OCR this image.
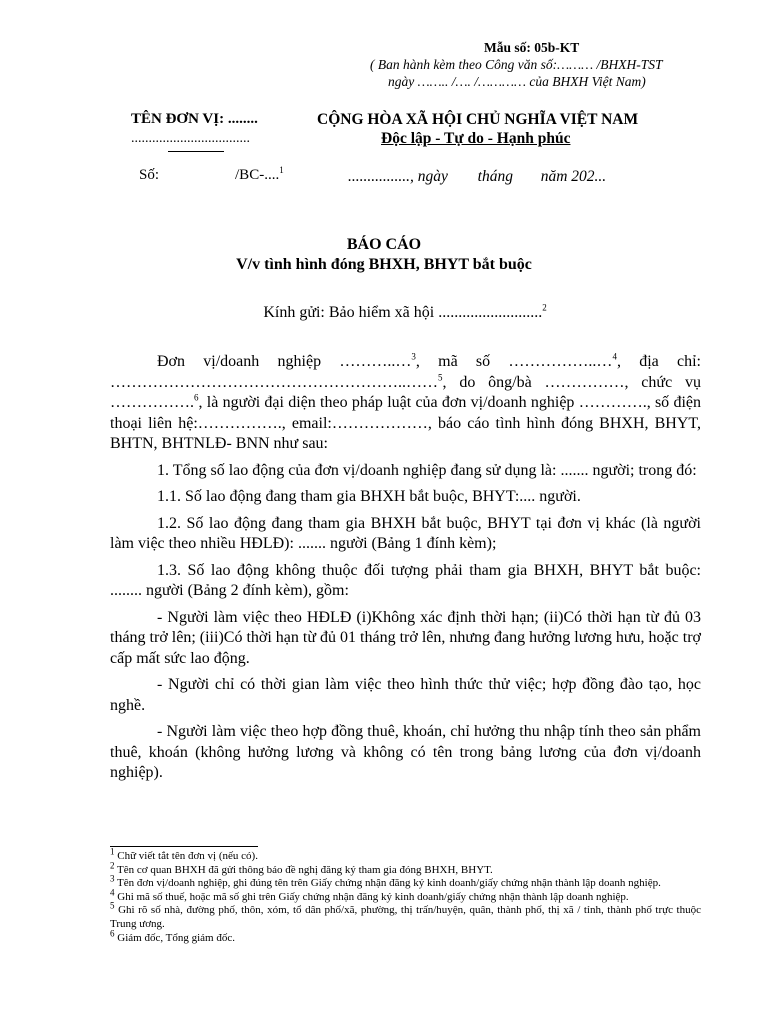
Mẫu số: 05b-KT
( Ban hành kèm theo Công văn số:……… /BHXH-TST
ngày …….. /…. /………… của BHXH Việt Nam)
TÊN ĐƠN VỊ: ........
..................................
CỘNG HÒA XÃ HỘI CHỦ NGHĨA VIỆT NAM
Độc lập - Tự do - Hạnh phúc
Số:	/BC-....$^1$	................, ngày tháng năm 202...
BÁO CÁO
V/v tình hình đóng BHXH, BHYT bắt buộc
Kính gửi: Bảo hiểm xã hội ..........................$^2$

Đơn vị/doanh nghiệp ………..…$^3$, mã số ……………..…$^4$, địa chỉ: ………………………………………………..……$^5$, do ông/bà ……………, chức vụ …………….$^6$, là người đại diện theo pháp luật của đơn vị/doanh nghiệp …………., số điện thoại liên hệ:……………., email:………………, báo cáo tình hình đóng BHXH, BHYT, BHTN, BHTNLĐ- BNN như sau:

1. Tổng số lao động của đơn vị/doanh nghiệp đang sử dụng là: ....... người; trong đó:

1.1. Số lao động đang tham gia BHXH bắt buộc, BHYT:.... người.

1.2. Số lao động đang tham gia BHXH bắt buộc, BHYT tại đơn vị khác (là người làm việc theo nhiều HĐLĐ): ....... người (Bảng 1 đính kèm);

1.3. Số lao động không thuộc đối tượng phải tham gia BHXH, BHYT bắt buộc: ........ người (Bảng 2 đính kèm), gồm:

- Người làm việc theo HĐLĐ (i)Không xác định thời hạn; (ii)Có thời hạn từ đủ 03 tháng trở lên; (iii)Có thời hạn từ đủ 01 tháng trở lên, nhưng đang hưởng lương hưu, hoặc trợ cấp mất sức lao động.

- Người chỉ có thời gian làm việc theo hình thức thử việc; hợp đồng đào tạo, học nghề.

- Người làm việc theo hợp đồng thuê, khoán, chỉ hưởng thu nhập tính theo sản phẩm thuê, khoán (không hưởng lương và không có tên trong bảng lương của đơn vị/doanh nghiệp).

$^1$ Chữ viết tắt tên đơn vị (nếu có).
$^2$ Tên cơ quan BHXH đã gửi thông báo đề nghị đăng ký tham gia đóng BHXH, BHYT.
$^3$ Tên đơn vị/doanh nghiệp, ghi đúng tên trên Giấy chứng nhận đăng ký kinh doanh/giấy chứng nhận thành lập doanh nghiệp.
$^4$ Ghi mã số thuế, hoặc mã số ghi trên Giấy chứng nhận đăng ký kinh doanh/giấy chứng nhận thành lập doanh nghiệp.
$^5$ Ghi rõ số nhà, đường phố, thôn, xóm, tổ dân phố/xã, phường, thị trấn/huyện, quân, thành phố, thị xã / tỉnh, thành phố trực thuộc Trung ương.
$^6$ Giám đốc, Tổng giám đốc.
